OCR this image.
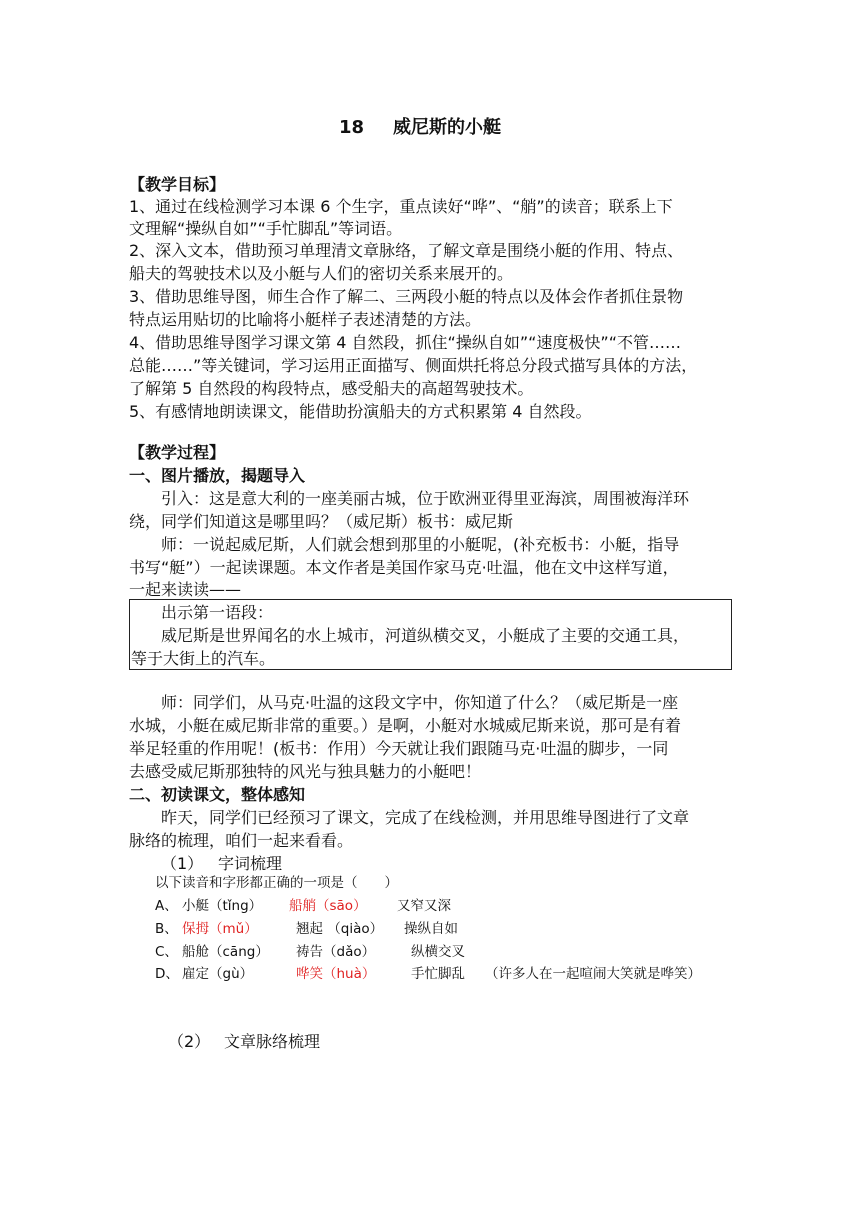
18 威尼斯的小艇
【教学目标】
1、通过在线检测学习本课 6 个生字，重点读好“哗”、“艄”的读音；联系上下
文理解“操纵自如”“手忙脚乱”等词语。
2、深入文本，借助预习单理清文章脉络，了解文章是围绕小艇的作用、特点、
船夫的驾驶技术以及小艇与人们的密切关系来展开的。
3、借助思维导图，师生合作了解二、三两段小艇的特点以及体会作者抓住景物
特点运用贴切的比喻将小艇样子表述清楚的方法。
4、借助思维导图学习课文第 4 自然段，抓住“操纵自如”“速度极快”“不管……
总能……”等关键词，学习运用正面描写、侧面烘托将总分段式描写具体的方法，
了解第 5 自然段的构段特点，感受船夫的高超驾驶技术。
5、有感情地朗读课文，能借助扮演船夫的方式积累第 4 自然段。
【教学过程】
一、图片播放，揭题导入
引入：这是意大利的一座美丽古城，位于欧洲亚得里亚海滨，周围被海洋环
绕，同学们知道这是哪里吗？（威尼斯）板书：威尼斯
师：一说起威尼斯，人们就会想到那里的小艇呢，(补充板书：小艇，指导
书写“艇”）一起读课题。本文作者是美国作家马克·吐温，他在文中这样写道，
一起来读读——
出示第一语段：
威尼斯是世界闻名的水上城市，河道纵横交叉，小艇成了主要的交通工具，
等于大街上的汽车。
师：同学们，从马克·吐温的这段文字中，你知道了什么？（威尼斯是一座
水城，小艇在威尼斯非常的重要。）是啊，小艇对水城威尼斯来说，那可是有着
举足轻重的作用呢！(板书：作用）今天就让我们跟随马克·吐温的脚步，一同
去感受威尼斯那独特的风光与独具魅力的小艇吧！
二、初读课文，整体感知
昨天，同学们已经预习了课文，完成了在线检测，并用思维导图进行了文章
脉络的梳理，咱们一起来看看。
（1） 字词梳理
以下读音和字形都正确的一项是（　　）
A、 小艇（tǐng） 船艄（sāo） 又窄又深
B、 保拇（mǔ）	翘起 （qiào） 操纵自如
C、 船舱（cāng） 祷告（dǎo）	纵横交叉
D、 雇定（gù）	哗笑（huà）	手忙脚乱 （许多人在一起喧闹大笑就是哗笑）
（2） 文章脉络梳理
